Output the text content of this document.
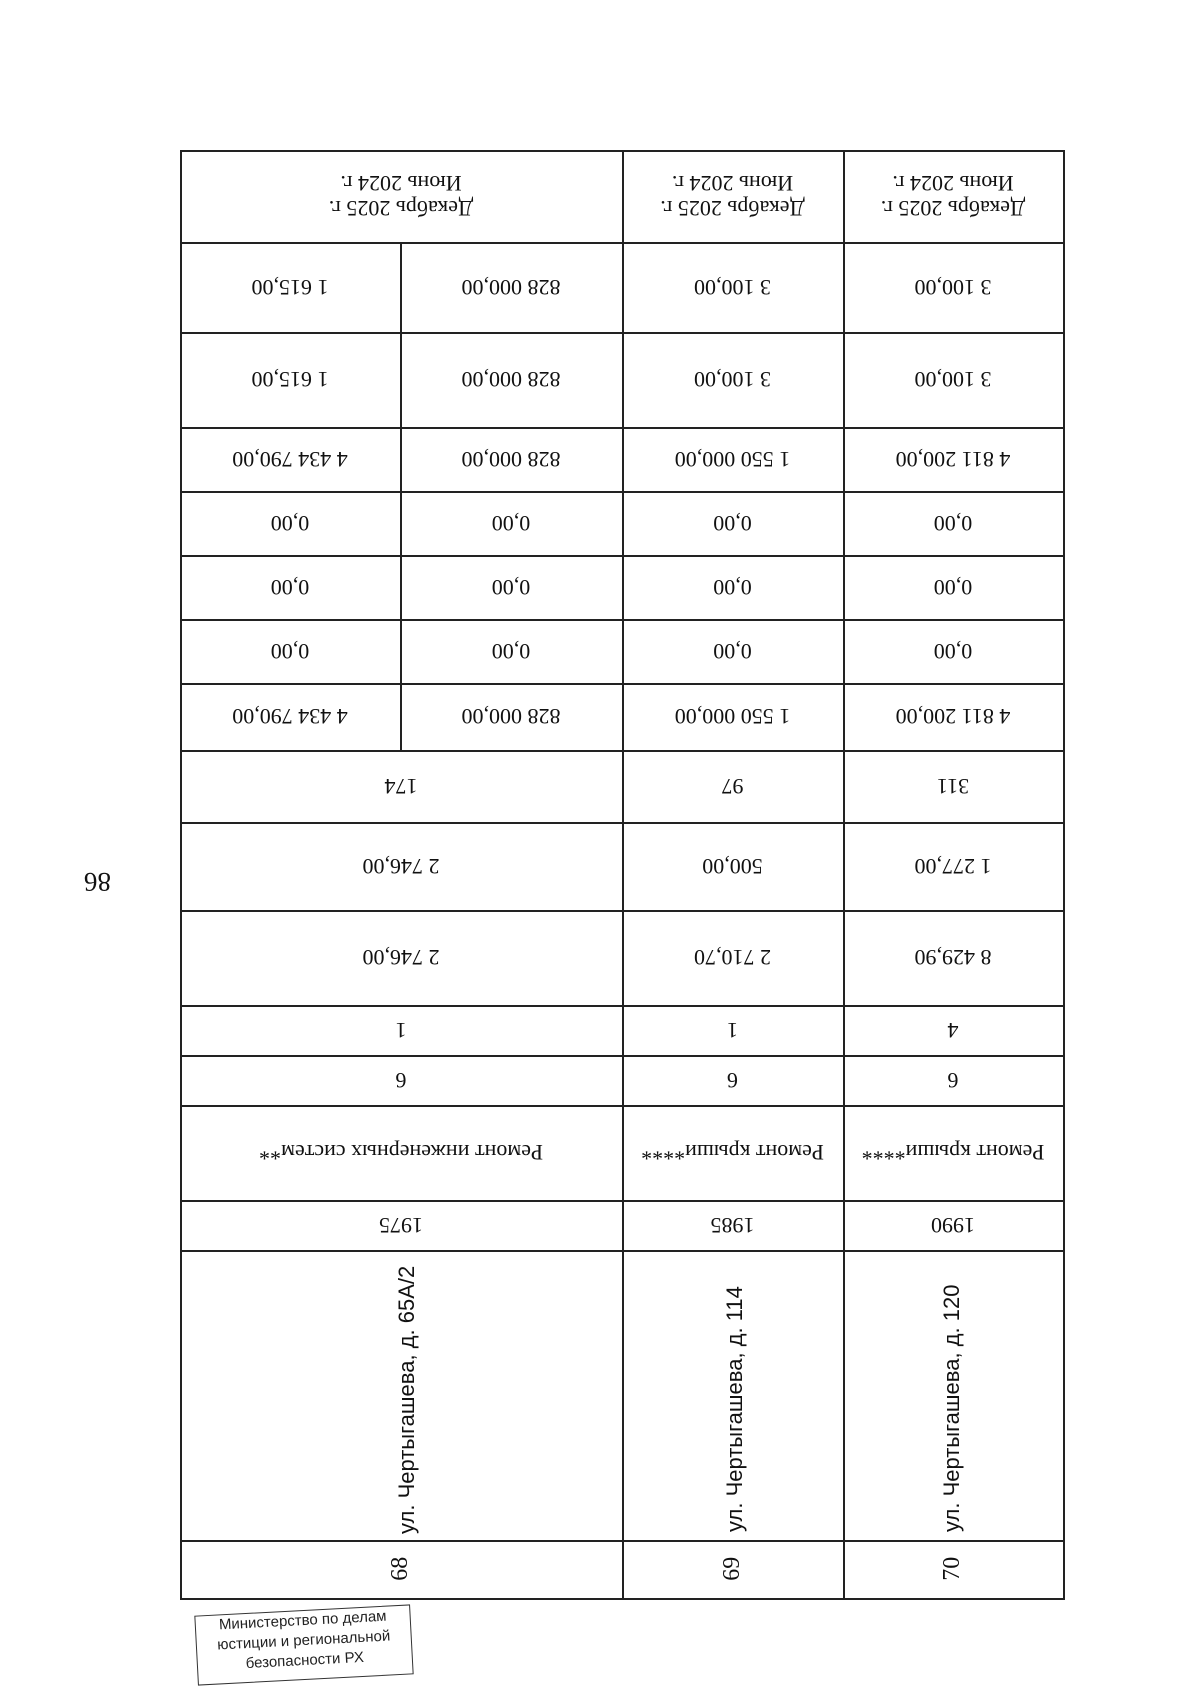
86
Декабрь 2025 г.
Июнь 2024 г.
3 100,00
3 100,00
4 811 200,00
0,00
0,00
0,00
4 811 200,00
311
1 277,00
8 429,90
4
6
Ремонт крыши****
1990
ул. Чертыгашева, д. 120
70
Декабрь 2025 г.
Июнь 2024 г.
3 100,00
3 100,00
1 550 000,00
0,00
0,00
0,00
1 550 000,00
97
500,00
2 710,70
1
6
Ремонт крыши****
1985
ул. Чертыгашева, д. 114
69
Декабрь 2025 г.
Июнь 2024 г.
828 000,00
1 615,00
828 000,00
1 615,00
828 000,00
4 434 790,00
0,00
0,00
0,00
0,00
0,00
0,00
828 000,00
4 434 790,00
174
2 746,00
2 746,00
1
6
Ремонт инженерных систем**
1975
ул. Чертыгашева, д. 65А/2
68
Министерство по делам
юстиции и региональной
безопасности РХ
